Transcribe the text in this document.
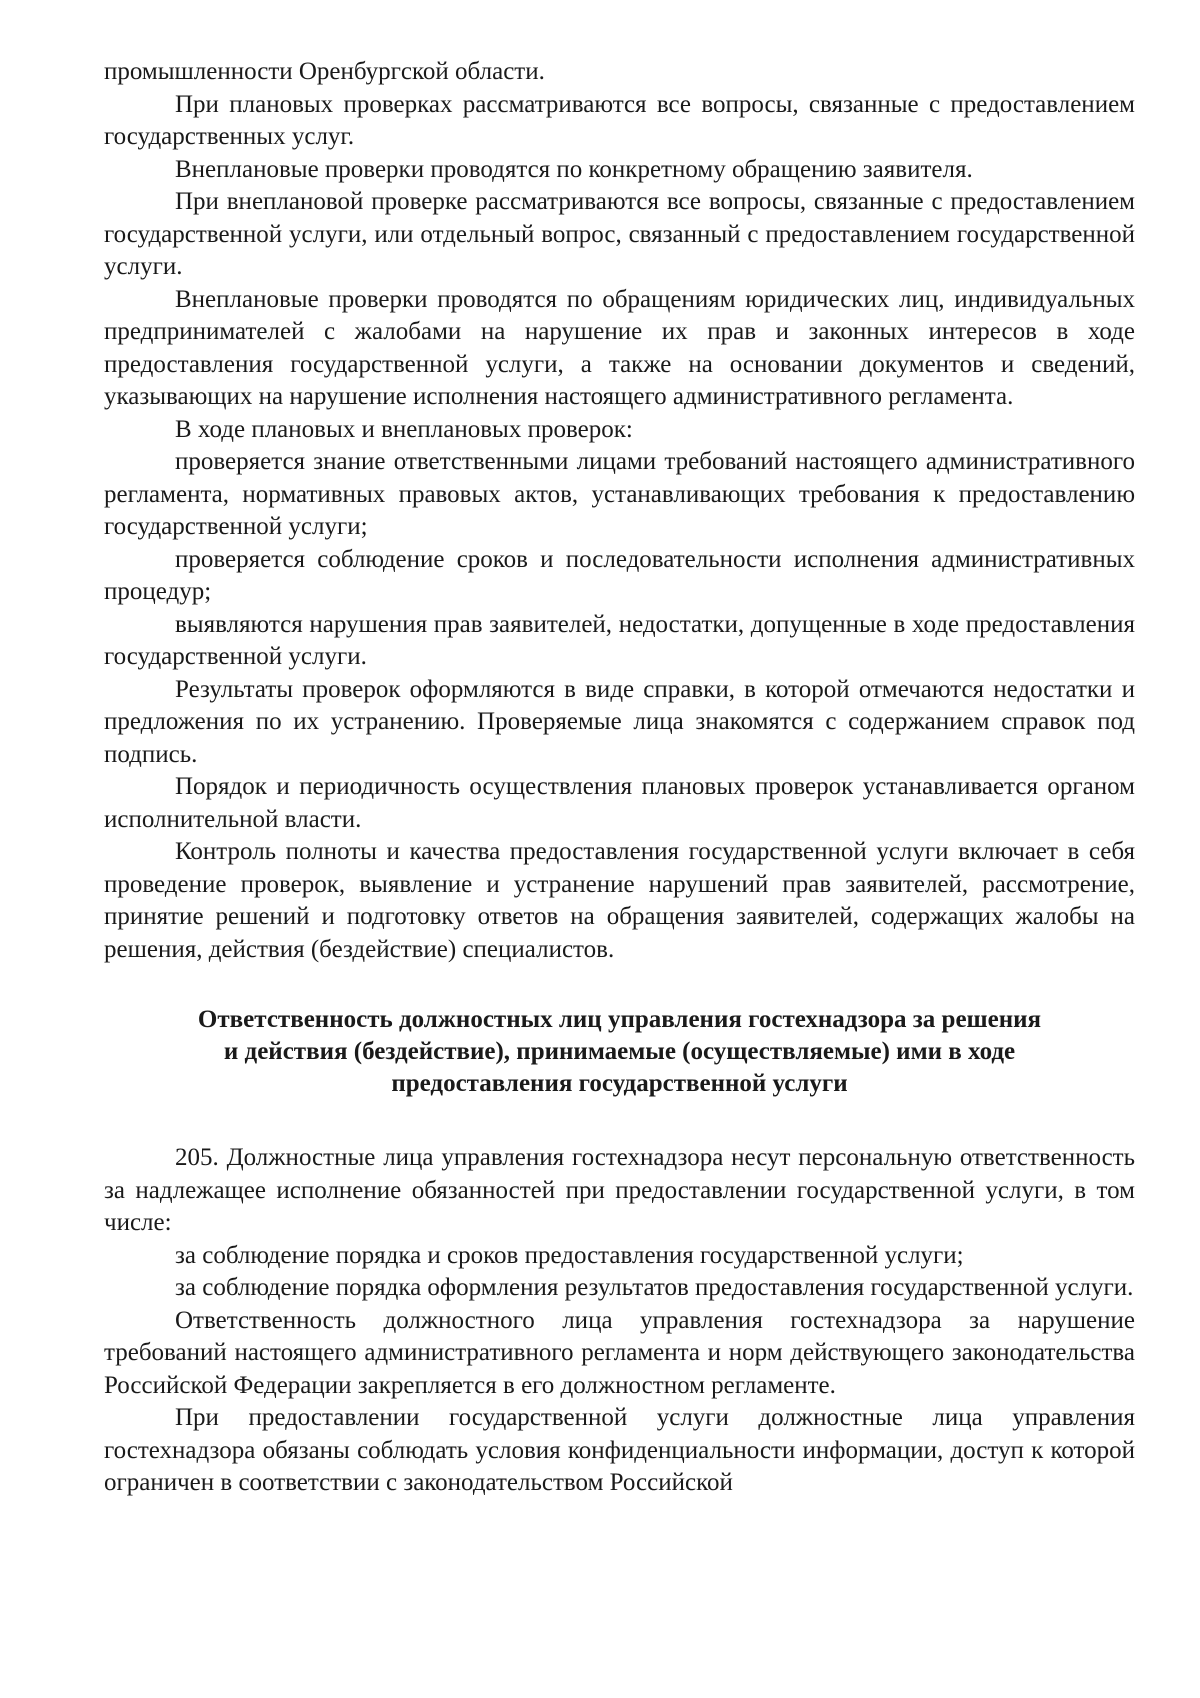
промышленности Оренбургской области.

При плановых проверках рассматриваются все вопросы, связанные с предоставлением государственных услуг.

Внеплановые проверки проводятся по конкретному обращению заявителя.

При внеплановой проверке рассматриваются все вопросы, связанные с предоставлением государственной услуги, или отдельный вопрос, связанный с предоставлением государственной услуги.

Внеплановые проверки проводятся по обращениям юридических лиц, индивидуальных предпринимателей с жалобами на нарушение их прав и законных интересов в ходе предоставления государственной услуги, а также на основании документов и сведений, указывающих на нарушение исполнения настоящего административного регламента.

В ходе плановых и внеплановых проверок:

проверяется знание ответственными лицами требований настоящего административного регламента, нормативных правовых актов, устанавливающих требования к предоставлению государственной услуги;

проверяется соблюдение сроков и последовательности исполнения административных процедур;

выявляются нарушения прав заявителей, недостатки, допущенные в ходе предоставления государственной услуги.

Результаты проверок оформляются в виде справки, в которой отмечаются недостатки и предложения по их устранению. Проверяемые лица знакомятся с содержанием справок под подпись.

Порядок и периодичность осуществления плановых проверок устанавливается органом исполнительной власти.

Контроль полноты и качества предоставления государственной услуги включает в себя проведение проверок, выявление и устранение нарушений прав заявителей, рассмотрение, принятие решений и подготовку ответов на обращения заявителей, содержащих жалобы на решения, действия (бездействие) специалистов.

Ответственность должностных лиц управления гостехнадзора за решения
и действия (бездействие), принимаемые (осуществляемые) ими в ходе
предоставления государственной услуги

205. Должностные лица управления гостехнадзора несут персональную ответственность за надлежащее исполнение обязанностей при предоставлении государственной услуги, в том числе:

за соблюдение порядка и сроков предоставления государственной услуги;

за соблюдение порядка оформления результатов предоставления государственной услуги.

Ответственность должностного лица управления гостехнадзора за нарушение требований настоящего административного регламента и норм действующего законодательства Российской Федерации закрепляется в его должностном регламенте.

При предоставлении государственной услуги должностные лица управления гостехнадзора обязаны соблюдать условия конфиденциальности информации, доступ к которой ограничен в соответствии с законодательством Российской
